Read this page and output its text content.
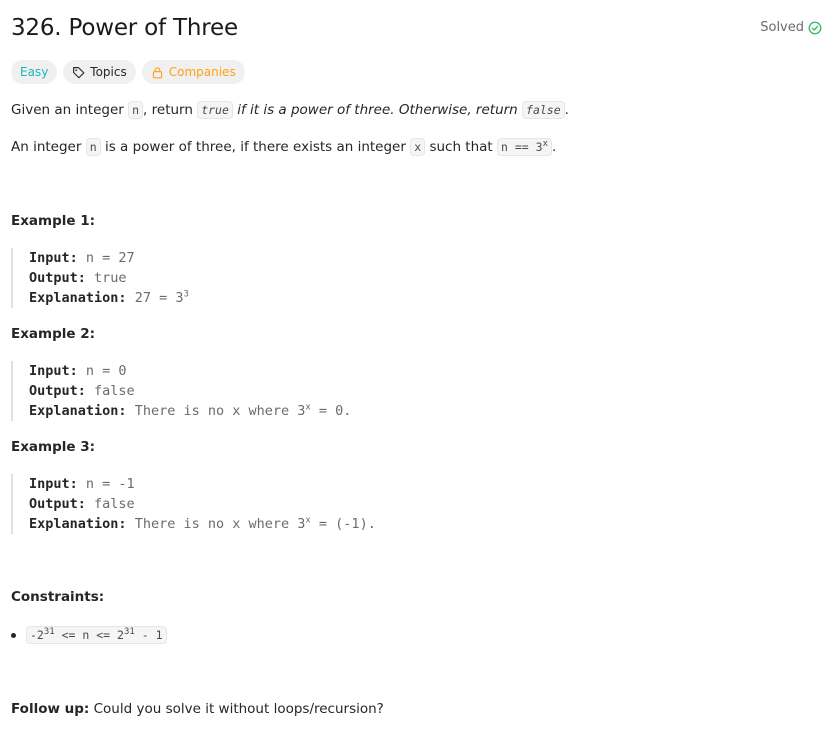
326. Power of Three	Solved
Easy	Topics	Companies
Given an integer n , return true if it is a power of three. Otherwise, return false .
An integer n is a power of three, if there exists an integer x such that $n == 3^x$ .
Example 1:
Input: n = 27
Output: true
Explanation: $27 = 3^3$
Example 2:
Input: n = 0
Output: false
Explanation: There is no x where $3^x = 0$.
Example 3:
Input: n = -1
Output: false
Explanation: There is no x where $3^x = (-1)$.
Constraints:
$-2^{31} <= n <= 2^{31} - 1$
Follow up: Could you solve it without loops/recursion?
